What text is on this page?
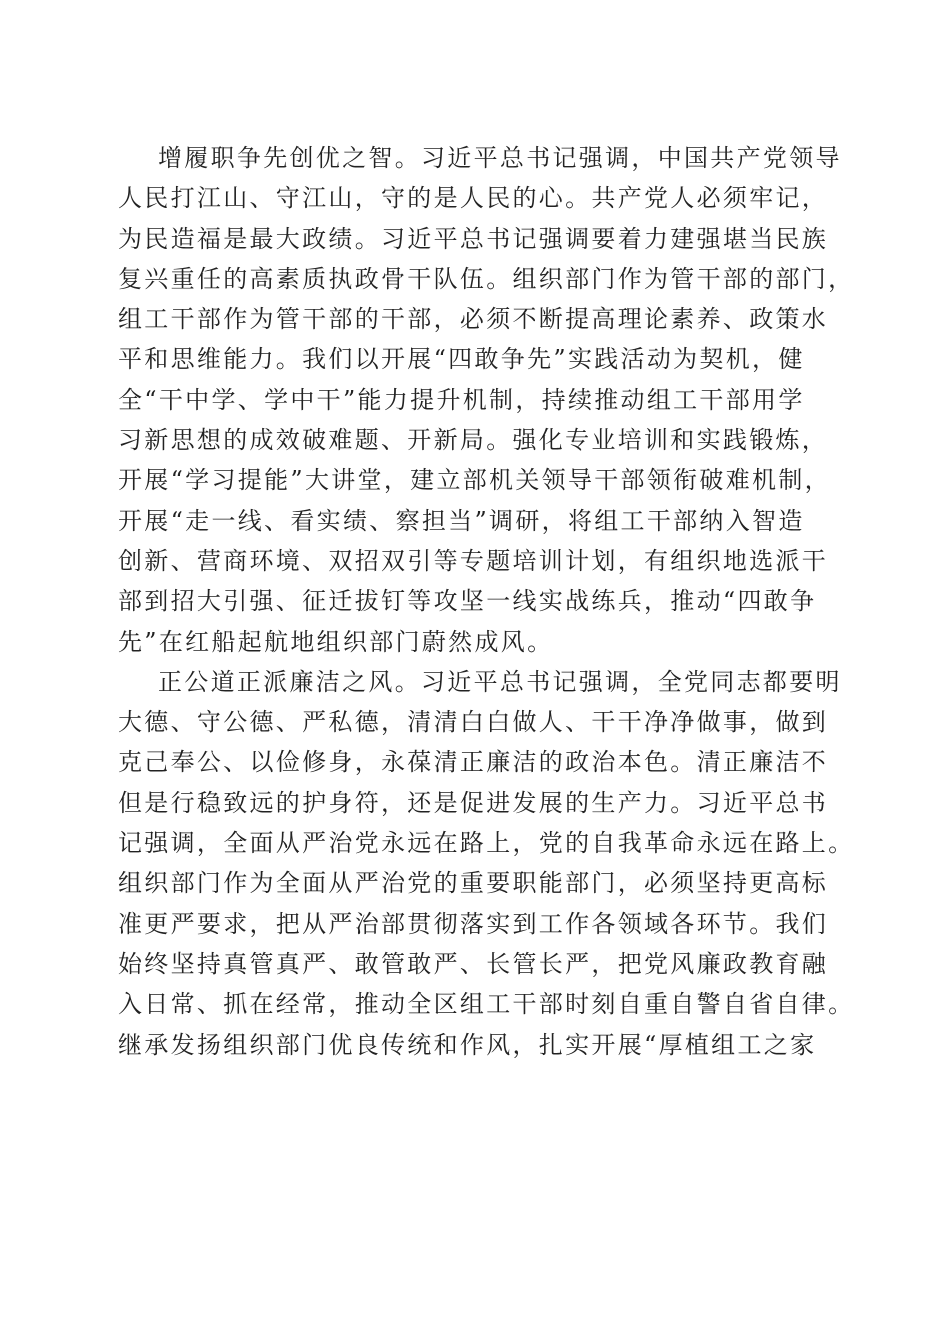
增履职争先创优之智。习近平总书记强调，中国共产党领导
人民打江山、守江山，守的是人民的心。共产党人必须牢记，
为民造福是最大政绩。习近平总书记强调要着力建强堪当民族
复兴重任的高素质执政骨干队伍。组织部门作为管干部的部门，
组工干部作为管干部的干部，必须不断提高理论素养、政策水
平和思维能力。我们以开展“四敢争先”实践活动为契机，健
全“干中学、学中干”能力提升机制，持续推动组工干部用学
习新思想的成效破难题、开新局。强化专业培训和实践锻炼，
开展“学习提能”大讲堂，建立部机关领导干部领衔破难机制，
开展“走一线、看实绩、察担当”调研，将组工干部纳入智造
创新、营商环境、双招双引等专题培训计划，有组织地选派干
部到招大引强、征迁拔钉等攻坚一线实战练兵，推动“四敢争
先”在红船起航地组织部门蔚然成风。
正公道正派廉洁之风。习近平总书记强调，全党同志都要明
大德、守公德、严私德，清清白白做人、干干净净做事，做到
克己奉公、以俭修身，永葆清正廉洁的政治本色。清正廉洁不
但是行稳致远的护身符，还是促进发展的生产力。习近平总书
记强调，全面从严治党永远在路上，党的自我革命永远在路上。
组织部门作为全面从严治党的重要职能部门，必须坚持更高标
准更严要求，把从严治部贯彻落实到工作各领域各环节。我们
始终坚持真管真严、敢管敢严、长管长严，把党风廉政教育融
入日常、抓在经常，推动全区组工干部时刻自重自警自省自律。
继承发扬组织部门优良传统和作风，扎实开展“厚植组工之家
